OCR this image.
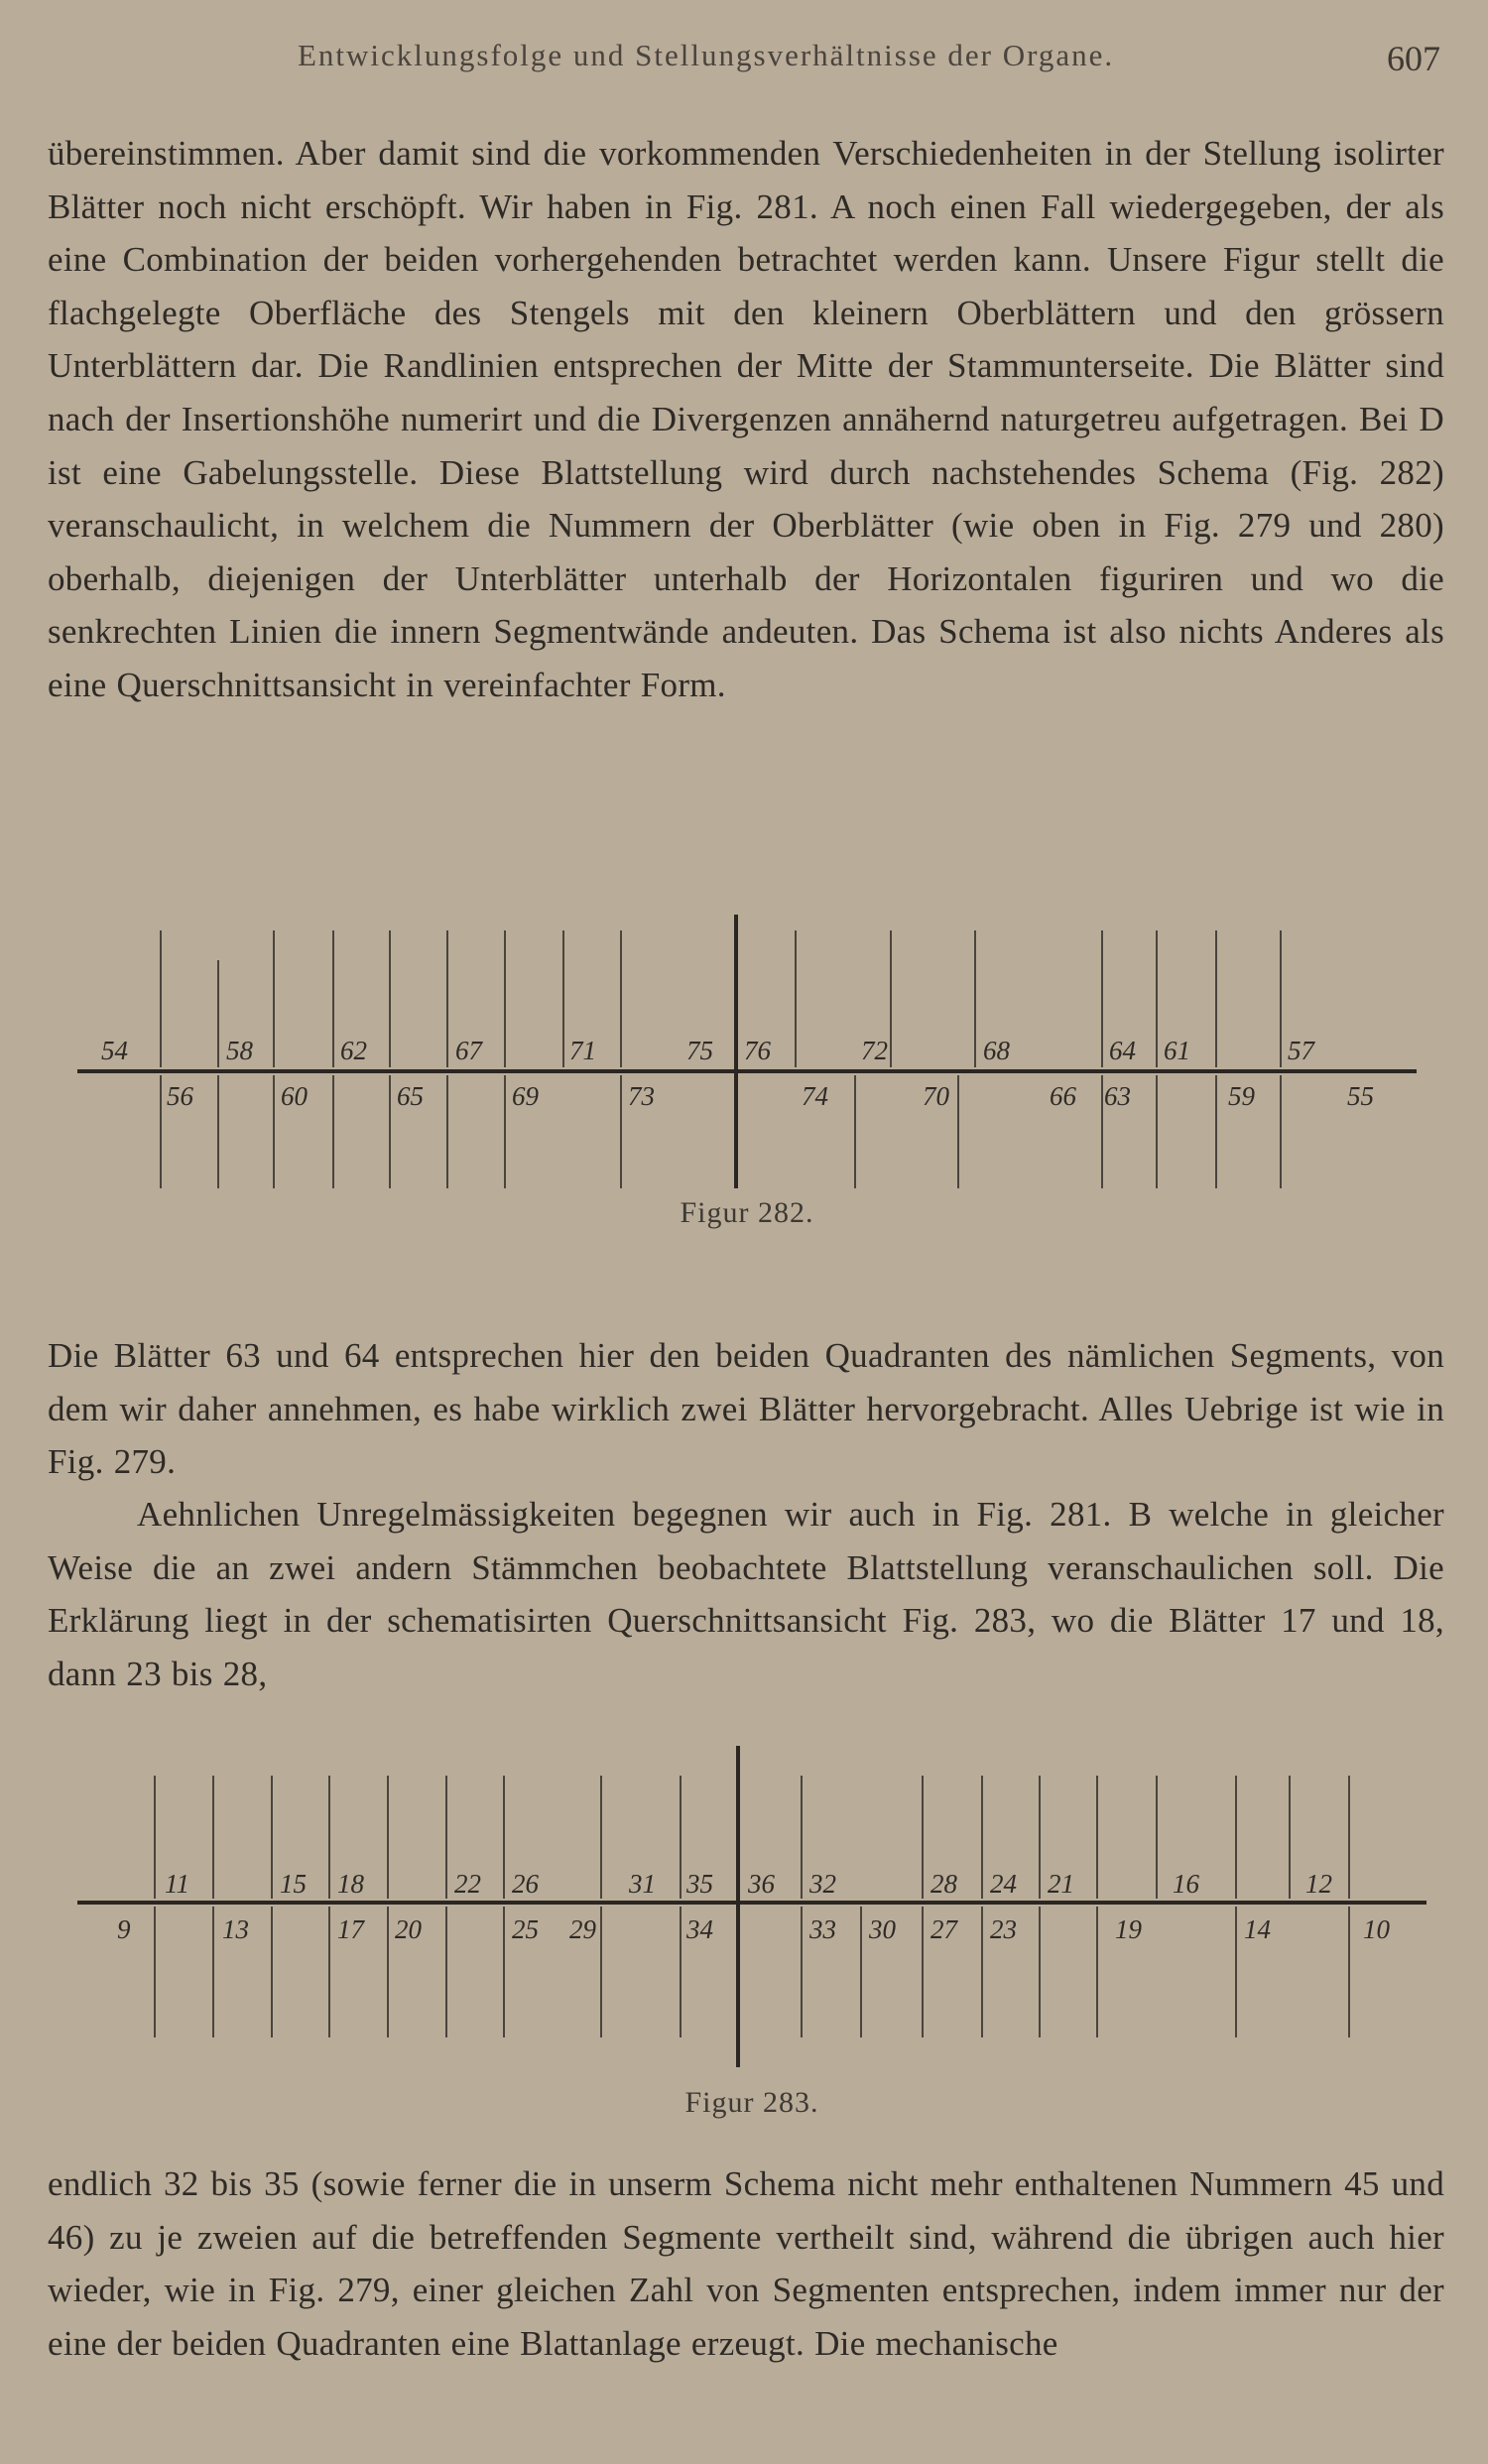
Entwicklungsfolge und Stellungsverhältnisse der Organe.	607

übereinstimmen. Aber damit sind die vorkommenden Verschiedenheiten in der Stellung isolirter Blätter noch nicht erschöpft. Wir haben in Fig. 281. A noch einen Fall wiedergegeben, der als eine Combination der beiden vorhergehenden betrachtet werden kann. Unsere Figur stellt die flachgelegte Oberfläche des Stengels mit den kleinern Oberblättern und den grössern Unterblättern dar. Die Randlinien entsprechen der Mitte der Stammunterseite. Die Blätter sind nach der Insertionshöhe numerirt und die Divergenzen annähernd naturgetreu aufgetragen. Bei D ist eine Gabelungsstelle. Diese Blattstellung wird durch nachstehendes Schema (Fig. 282) veranschaulicht, in welchem die Nummern der Oberblätter (wie oben in Fig. 279 und 280) oberhalb, diejenigen der Unterblätter unterhalb der Horizontalen figuriren und wo die senkrechten Linien die innern Segmentwände andeuten. Das Schema ist also nichts Anderes als eine Querschnittsansicht in vereinfachter Form.

54	58	62	67	71	75 76	72	68	64 61	57
56	60	65	69	73	74	70	66 63	59	55
Figur 282.

Die Blätter 63 und 64 entsprechen hier den beiden Quadranten des nämlichen Segments, von dem wir daher annehmen, es habe wirklich zwei Blätter hervorgebracht. Alles Uebrige ist wie in Fig. 279.

Aehnlichen Unregelmässigkeiten begegnen wir auch in Fig. 281. B welche in gleicher Weise die an zwei andern Stämmchen beobachtete Blattstellung veranschaulichen soll. Die Erklärung liegt in der schematisirten Querschnittsansicht Fig. 283, wo die Blätter 17 und 18, dann 23 bis 28,

11	15 18	22 26	31 35 36 32	28 24 21	16	12
9	13	17 20	25 29	34	33 30 27 23	19	14	10
Figur 283.

endlich 32 bis 35 (sowie ferner die in unserm Schema nicht mehr enthaltenen Nummern 45 und 46) zu je zweien auf die betreffenden Segmente vertheilt sind, während die übrigen auch hier wieder, wie in Fig. 279, einer gleichen Zahl von Segmenten entsprechen, indem immer nur der eine der beiden Quadranten eine Blattanlage erzeugt. Die mechanische
